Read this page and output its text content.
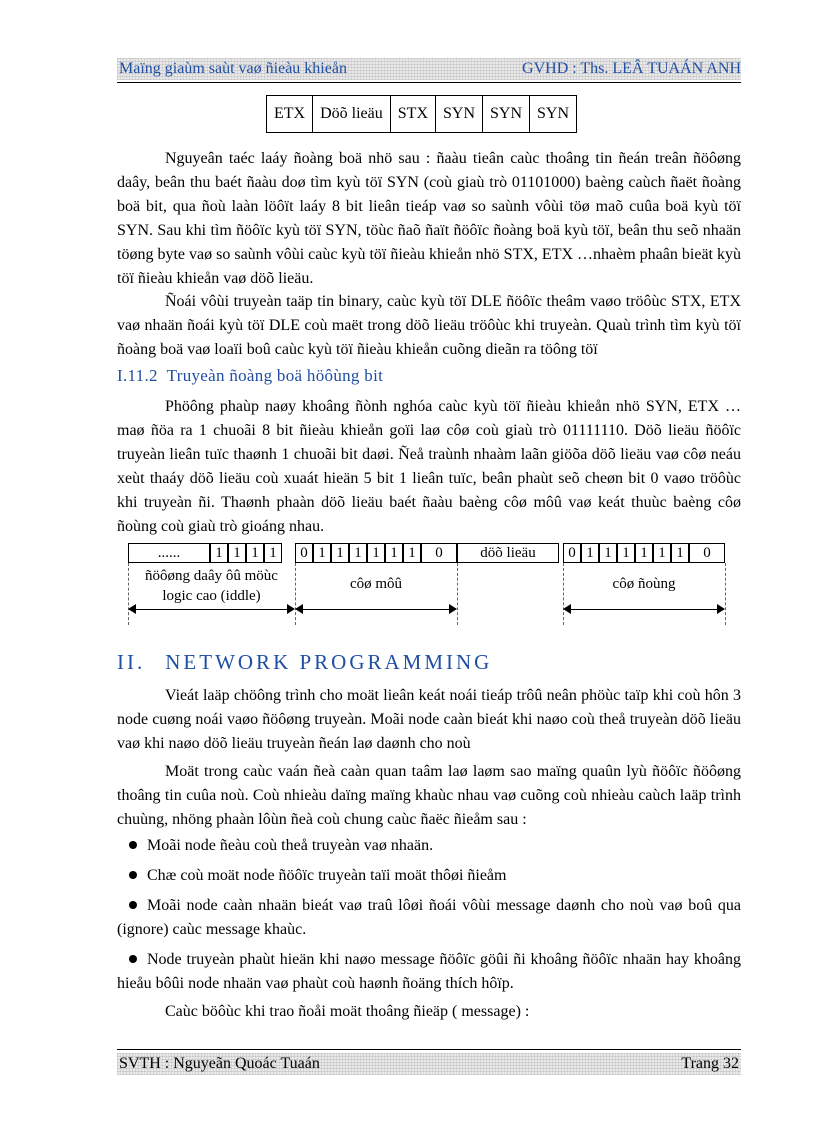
Maïng giaùm saùt vaø ñieàu khieån	GVHD : Ths. LEÂ TUAÁN ANH
ETX	Döõ lieäu	STX	SYN	SYN	SYN

Nguyeân taéc laáy ñoàng boä nhö sau : ñaàu tieân caùc thoâng tin ñeán treân ñöôøng daây, beân thu baét ñaàu doø tìm kyù töï SYN (coù giaù trò 01101000) baèng caùch ñaët ñoàng boä bit, qua ñoù laàn löôït laáy 8 bit lieân tieáp vaø so saùnh vôùi töø maõ cuûa boä kyù töï SYN. Sau khi tìm ñöôïc kyù töï SYN, töùc ñaõ ñaït ñöôïc ñoàng boä kyù töï, beân thu seõ nhaän töøng byte vaø so saùnh vôùi caùc kyù töï ñieàu khieån nhö STX, ETX …nhaèm phaân bieät kyù töï ñieàu khieån vaø döõ lieäu.

Ñoái vôùi truyeàn taäp tin binary, caùc kyù töï DLE ñöôïc theâm vaøo tröôùc STX, ETX vaø nhaän ñoái kyù töï DLE coù maët trong döõ lieäu tröôùc khi truyeàn. Quaù trình tìm kyù töï ñoàng boä vaø loaïi boû caùc kyù töï ñieàu khieån cuõng dieãn ra töông töï

I.11.2 Truyeàn ñoàng boä höôùng bit

Phöông phaùp naøy khoâng ñònh nghóa caùc kyù töï ñieàu khieån nhö SYN, ETX … maø ñöa ra 1 chuoãi 8 bit ñieàu khieån goïi laø côø coù giaù trò 01111110. Döõ lieäu ñöôïc truyeàn lieân tuïc thaønh 1 chuoãi bit daøi. Ñeå traùnh nhaàm laãn giöõa döõ lieäu vaø côø neáu xeùt thaáy döõ lieäu coù xuaát hieän 5 bit 1 lieân tuïc, beân phaùt seõ cheøn bit 0 vaøo tröôùc khi truyeàn ñi. Thaønh phaàn döõ lieäu baét ñaàu baèng côø môû vaø keát thuùc baèng côø ñoùng coù giaù trò gioáng nhau.

......	1 1 1 1	0 1 1 1 1 1 1	0	döõ lieäu	0 1 1 1 1 1 1	0
ñöôøng daây ôû möùc
logic cao (iddle)
côø môû	côø ñoùng
II. NETWORK PROGRAMMING

Vieát laäp chöông trình cho moät lieân keát noái tieáp trôû neân phöùc taïp khi coù hôn 3 node cuøng noái vaøo ñöôøng truyeàn. Moãi node caàn bieát khi naøo coù theå truyeàn döõ lieäu vaø khi naøo döõ lieäu truyeàn ñeán laø daønh cho noù

Moät trong caùc vaán ñeà caàn quan taâm laø laøm sao maïng quaûn lyù ñöôïc ñöôøng thoâng tin cuûa noù. Coù nhieàu daïng maïng khaùc nhau vaø cuõng coù nhieàu caùch laäp trình chuùng, nhöng phaàn lôùn ñeà coù chung caùc ñaëc ñieåm sau :

Moãi node ñeàu coù theå truyeàn vaø nhaän.
Chæ coù moät node ñöôïc truyeàn taïi moät thôøi ñieåm
Moãi node caàn nhaän bieát vaø traû lôøi ñoái vôùi message daønh cho noù vaø boû qua (ignore) caùc message khaùc.
Node truyeàn phaùt hieän khi naøo message ñöôïc göûi ñi khoâng ñöôïc nhaän hay khoâng hieåu bôûi node nhaän vaø phaùt coù haønh ñoäng thích hôïp.

Caùc böôùc khi trao ñoåi moät thoâng ñieäp ( message) :

SVTH : Nguyeãn Quoác Tuaán	Trang 32
